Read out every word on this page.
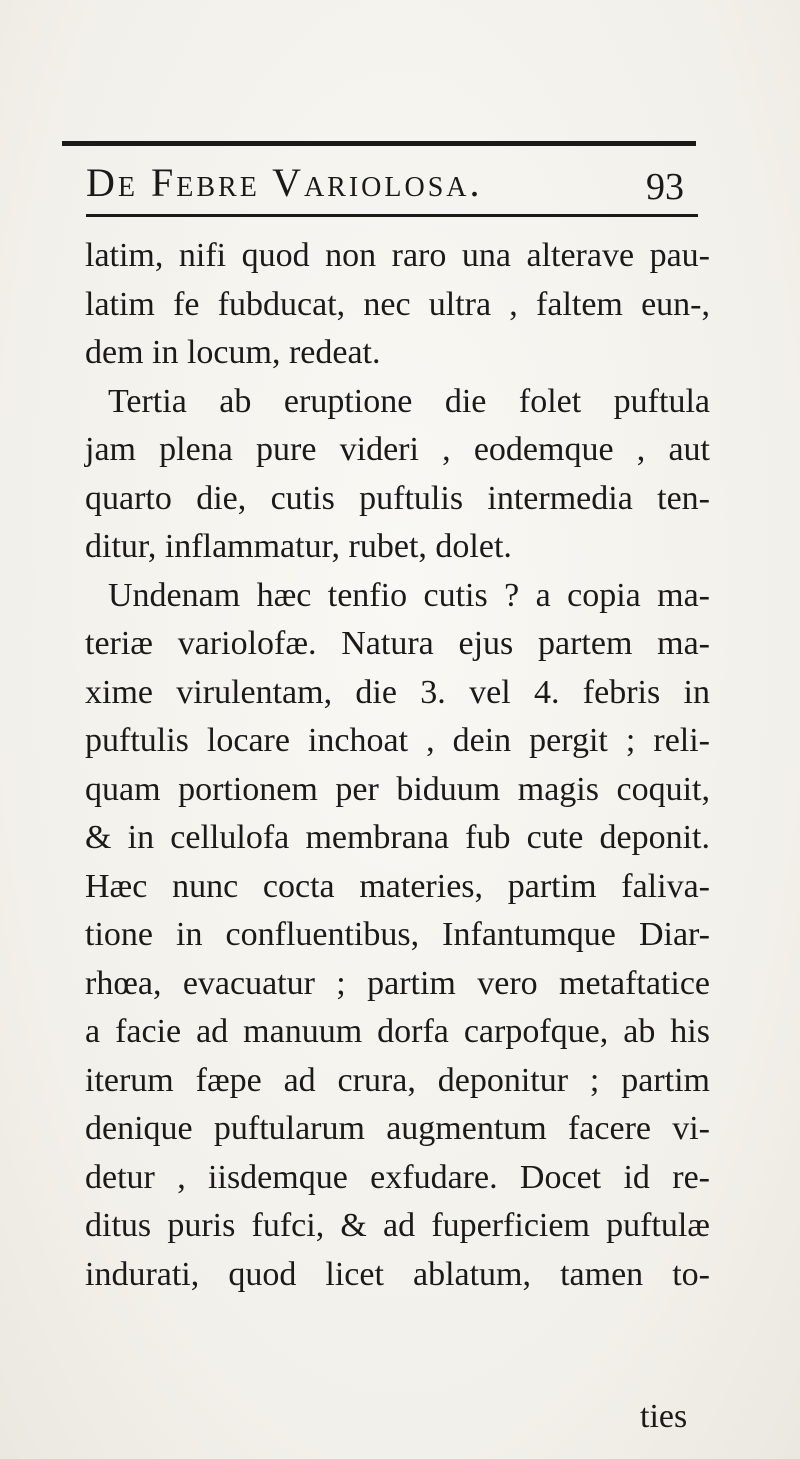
De Febre Variolosa.	93
latim, nifi quod non raro una alterave pau-
latim fe fubducat, nec ultra , faltem eun-,
dem in locum, redeat.
Tertia ab eruptione die folet puftula
jam plena pure videri , eodemque , aut
quarto die, cutis puftulis intermedia ten-
ditur, inflammatur, rubet, dolet.
Undenam hæc tenfio cutis ? a copia ma-
teriæ variolofæ. Natura ejus partem ma-
xime virulentam, die 3. vel 4. febris in
puftulis locare inchoat , dein pergit ; reli-
quam portionem per biduum magis coquit,
& in cellulofa membrana fub cute deponit.
Hæc nunc cocta materies, partim faliva-
tione in confluentibus, Infantumque Diar-
rhœa, evacuatur ; partim vero metaftatice
a facie ad manuum dorfa carpofque, ab his
iterum fæpe ad crura, deponitur ; partim
denique puftularum augmentum facere vi-
detur , iisdemque exfudare. Docet id re-
ditus puris fufci, & ad fuperficiem puftulæ
indurati, quod licet ablatum, tamen to-
ties
